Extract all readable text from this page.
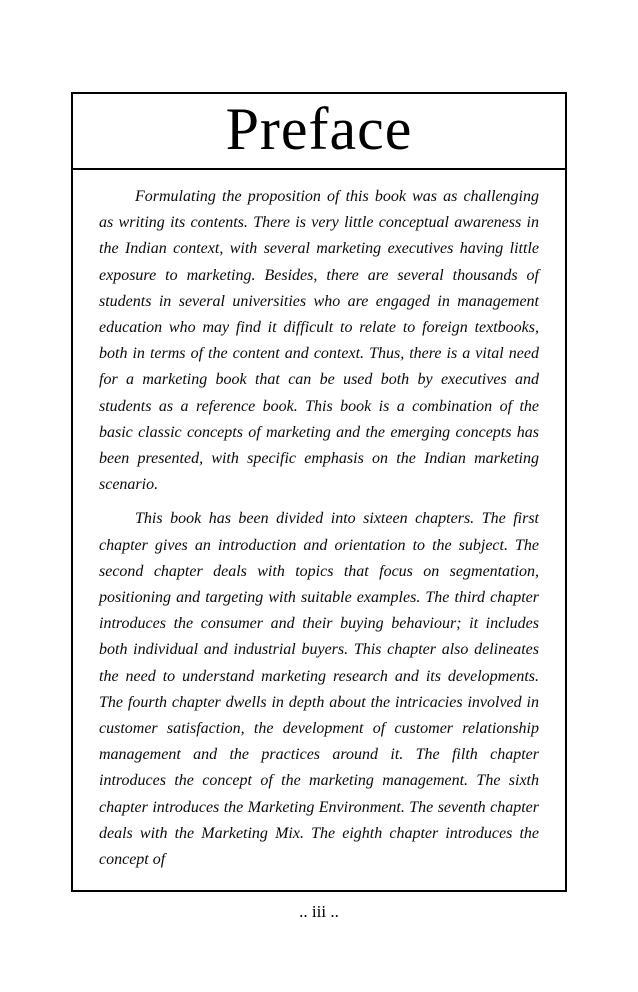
Preface

Formulating the proposition of this book was as challenging as writing its contents. There is very little conceptual awareness in the Indian context, with several marketing executives having little exposure to marketing. Besides, there are several thousands of students in several universities who are engaged in management education who may find it difficult to relate to foreign textbooks, both in terms of the content and context. Thus, there is a vital need for a marketing book that can be used both by executives and students as a reference book. This book is a combination of the basic classic concepts of marketing and the emerging concepts has been presented, with specific emphasis on the Indian marketing scenario.

This book has been divided into sixteen chapters. The first chapter gives an introduction and orientation to the subject. The second chapter deals with topics that focus on segmentation, positioning and targeting with suitable examples. The third chapter introduces the consumer and their buying behaviour; it includes both individual and industrial buyers. This chapter also delineates the need to understand marketing research and its developments. The fourth chapter dwells in depth about the intricacies involved in customer satisfaction, the development of customer relationship management and the practices around it. The filth chapter introduces the concept of the marketing management. The sixth chapter introduces the Marketing Environment. The seventh chapter deals with the Marketing Mix. The eighth chapter introduces the concept of

.. iii ..
